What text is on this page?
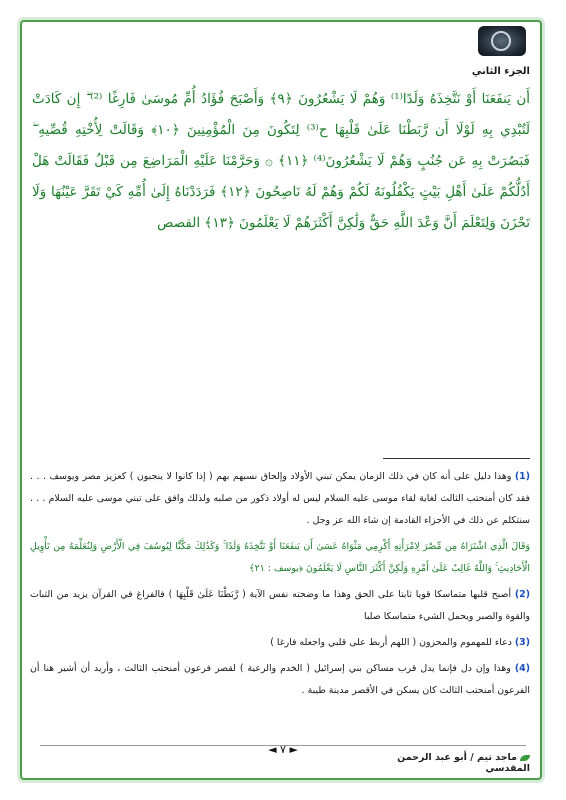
الجزء الثاني
أَن يَنفَعَنَا أَوْ نَتَّخِذَهُ وَلَدًا⁽¹⁾ وَهُمْ لَا يَشْعُرُونَ ﴿٩﴾ وَأَصْبَحَ فُؤَادُ أُمِّ مُوسَىٰ فَارِغًا ⁽²⁾ ۖ إِن كَادَتْ لَتُبْدِي بِهِ لَوْلَا أَن رَّبَطْنَا عَلَىٰ قَلْبِهَا ح⁽³⁾ لِتَكُونَ مِنَ الْمُؤْمِنِينَ ﴿١٠﴾ وَقَالَتْ لِأُخْتِهِ قُصِّيهِ ۖ فَبَصُرَتْ بِهِ عَن جُنُبٍ وَهُمْ لَا يَشْعُرُونَ⁽⁴⁾ ﴿١١﴾ ۞ وَحَرَّمْنَا عَلَيْهِ الْمَرَاضِعَ مِن قَبْلُ فَقَالَتْ هَلْ أَدُلُّكُمْ عَلَىٰ أَهْلِ بَيْتٍ يَكْفُلُونَهُ لَكُمْ وَهُمْ لَهُ نَاصِحُونَ ﴿١٢﴾ فَرَدَدْنَاهُ إِلَىٰ أُمِّهِ كَيْ تَقَرَّ عَيْنُهَا وَلَا تَحْزَنَ وَلِتَعْلَمَ أَنَّ وَعْدَ اللَّهِ حَقٌّ وَلَٰكِنَّ أَكْثَرَهُمْ لَا يَعْلَمُونَ ﴿١٣﴾ القصص

(1) وهذا دليل على أنه كان في ذلك الزمان يمكن تبني الأولاد وإلحاق نسبهم بهم ( إذا كانوا لا ينجبون ) كعزيز مصر ويوسف . . . فقد كان أمنحتب الثالث لغاية لقاء موسى عليه السلام ليس له أولاد ذكور من صلبه ولذلك وافق على تبني موسى عليه السلام . . . سنتكلم عن ذلك في الأجزاء القادمة إن شاء الله عز وجل .

وَقَالَ الَّذِي اشْتَرَاهُ مِن مِّصْرَ لِامْرَأَتِهِ أَكْرِمِي مَثْوَاهُ عَسَىٰ أَن يَنفَعَنَا أَوْ نَتَّخِذَهُ وَلَدًا ۚ وَكَذَٰلِكَ مَكَّنَّا لِيُوسُفَ فِي الْأَرْضِ وَلِنُعَلِّمَهُ مِن تَأْوِيلِ الْأَحَادِيثِ ۚ وَاللَّهُ غَالِبٌ عَلَىٰ أَمْرِهِ وَلَٰكِنَّ أَكْثَرَ النَّاسِ لَا يَعْلَمُونَ ﴿يوسف : ٢١﴾

(2) أصبح قلبها متماسكا قويا ثابتا على الحق وهذا ما وضحته نفس الآية ( رَّبَطْنَا عَلَىٰ قَلْبِهَا ) فالفراغ في القرآن يزيد من الثبات والقوة والصبر ويحمل الشيء متماسكا صلبا

(3) دعاء للمهموم والمحزون ( اللهم أربط على قلبي واجعله فارغا )

(4) وهذا وإن دل فإنما يدل قرب مساكن بني إسرائيل ( الخدم والرعية ) لقصر فرعون أمنحتب الثالث ، وأريد أن أشير هنا أن الفرعون أمنحتب الثالث كان يسكن في الأقصر مدينة طيبة .

◄ ٧ ►
ماجد تيم / أبو عبد الرحمن المقدسي
